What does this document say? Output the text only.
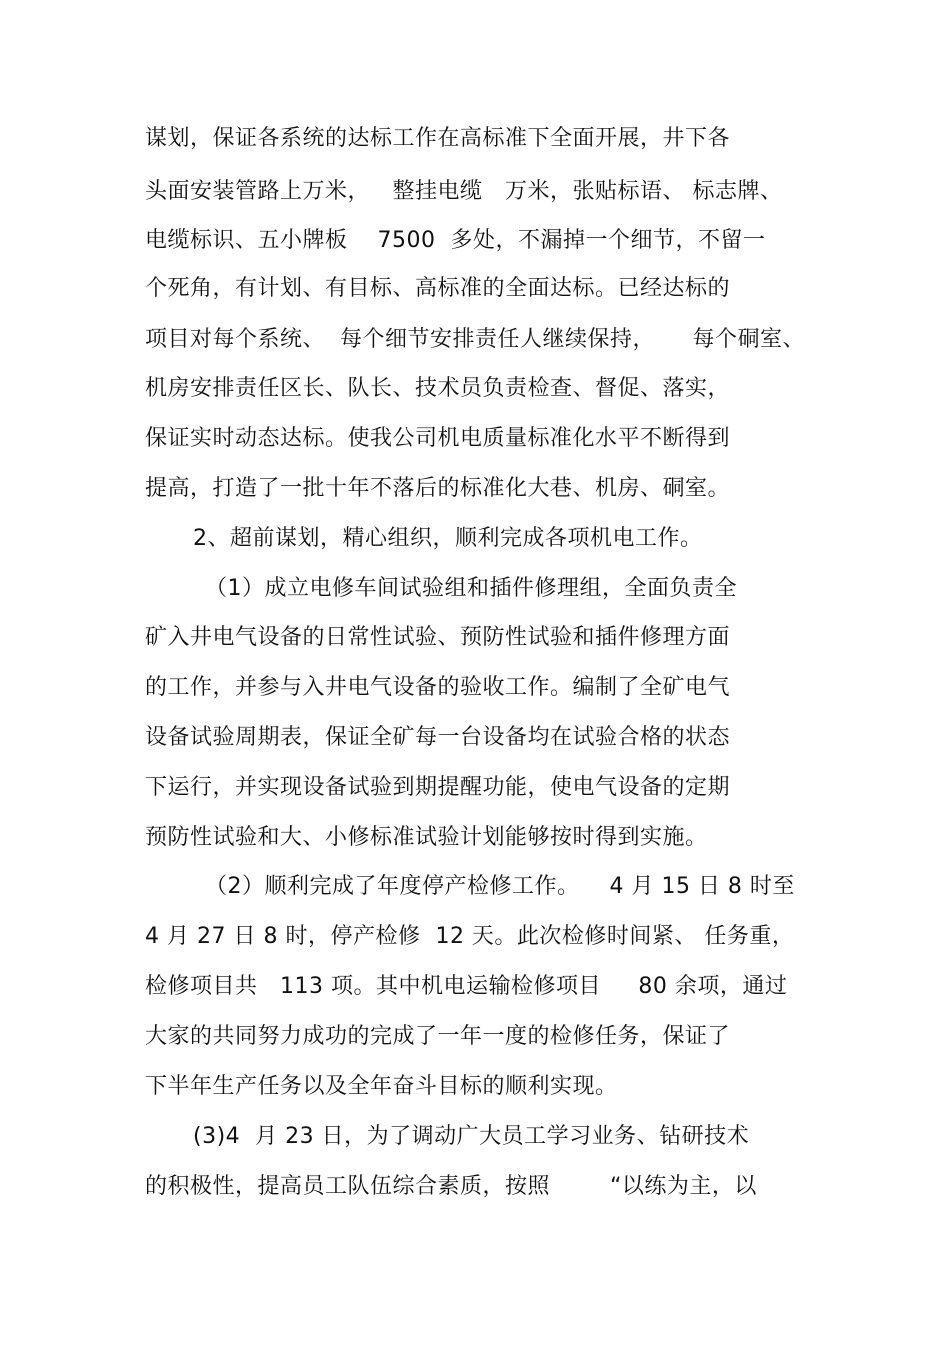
谋划，保证各系统的达标工作在高标准下全面开展，井下各
头面安装管路上万米，   整挂电缆   万米，张贴标语、 标志牌、
电缆标识、五小牌板    7500  多处，不漏掉一个细节，不留一
个死角，有计划、有目标、高标准的全面达标。已经达标的
项目对每个系统、  每个细节安排责任人继续保持，     每个硐室、
机房安排责任区长、队长、技术员负责检查、督促、落实，
保证实时动态达标。使我公司机电质量标准化水平不断得到
提高，打造了一批十年不落后的标准化大巷、机房、硐室。
2、超前谋划，精心组织，顺利完成各项机电工作。
（1）成立电修车间试验组和插件修理组，全面负责全
矿入井电气设备的日常性试验、预防性试验和插件修理方面
的工作，并参与入井电气设备的验收工作。编制了全矿电气
设备试验周期表，保证全矿每一台设备均在试验合格的状态
下运行，并实现设备试验到期提醒功能，使电气设备的定期
预防性试验和大、小修标准试验计划能够按时得到实施。
（2）顺利完成了年度停产检修工作。    4 月 15 日 8 时至
4 月 27 日 8 时，停产检修  12 天。此次检修时间紧、 任务重，
检修项目共   113 项。其中机电运输检修项目     80 余项，通过
大家的共同努力成功的完成了一年一度的检修任务，保证了
下半年生产任务以及全年奋斗目标的顺利实现。
(3)4  月 23 日，为了调动广大员工学习业务、钻研技术
的积极性，提高员工队伍综合素质，按照        “以练为主，以
